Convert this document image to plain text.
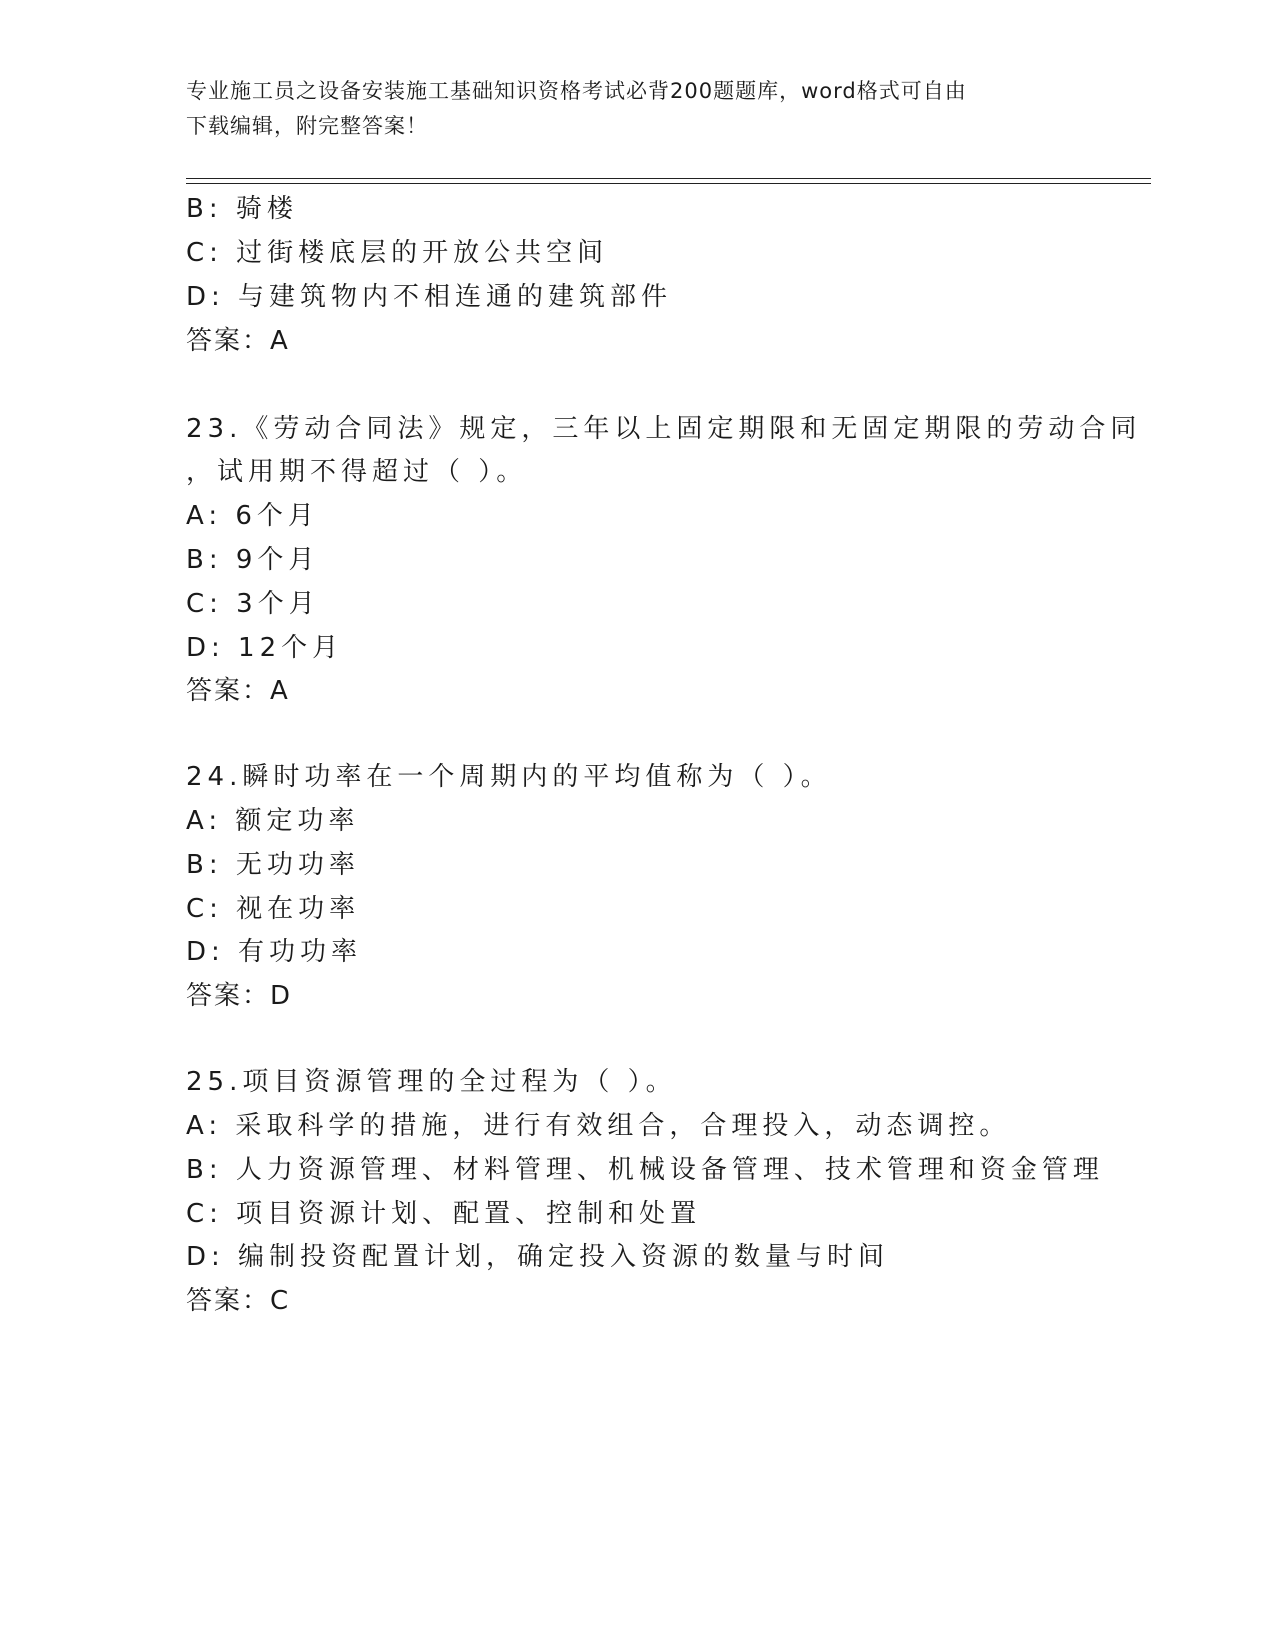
专业施工员之设备安装施工基础知识资格考试必背200题题库，word格式可自由
下载编辑，附完整答案！
B: 骑楼
C: 过街楼底层的开放公共空间
D: 与建筑物内不相连通的建筑部件
答案：A
23.《劳动合同法》规定，三年以上固定期限和无固定期限的劳动合同
，试用期不得超过（ ）。
A: 6个月
B: 9个月
C: 3个月
D: 12个月
答案：A
24.瞬时功率在一个周期内的平均值称为（ ）。
A: 额定功率
B: 无功功率
C: 视在功率
D: 有功功率
答案：D
25.项目资源管理的全过程为（ ）。
A: 采取科学的措施，进行有效组合，合理投入，动态调控。
B: 人力资源管理、材料管理、机械设备管理、技术管理和资金管理
C: 项目资源计划、配置、控制和处置
D: 编制投资配置计划，确定投入资源的数量与时间
答案：C
